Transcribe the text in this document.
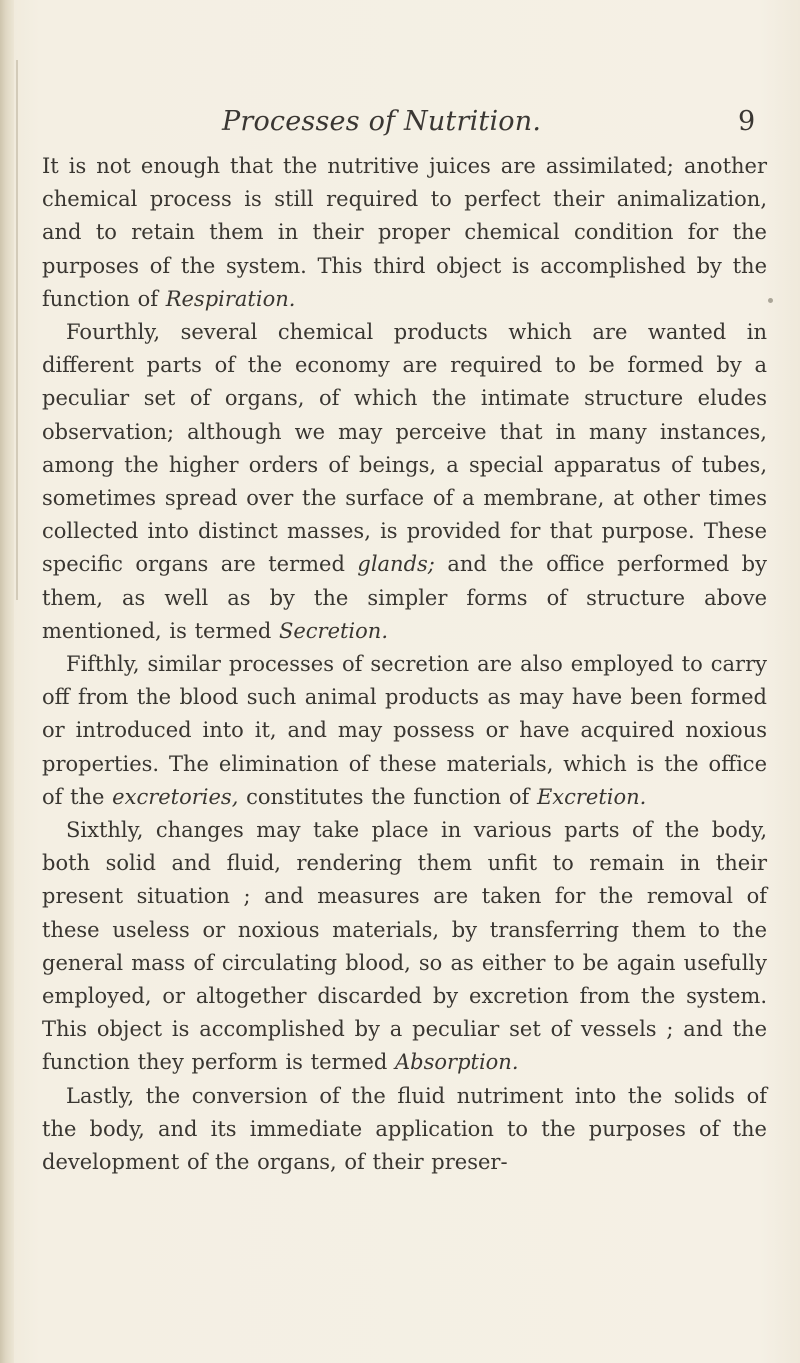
Processes of Nutrition.	9

It is not enough that the nutritive juices are assimilated; another chemical process is still required to perfect their animalization, and to retain them in their proper chemical condition for the purposes of the system. This third object is accomplished by the function of Respiration.

Fourthly, several chemical products which are wanted in different parts of the economy are required to be formed by a peculiar set of organs, of which the intimate structure eludes observation; although we may perceive that in many instances, among the higher orders of beings, a special apparatus of tubes, sometimes spread over the surface of a membrane, at other times collected into distinct masses, is provided for that purpose. These specific organs are termed glands; and the office performed by them, as well as by the simpler forms of structure above mentioned, is termed Secretion.

Fifthly, similar processes of secretion are also employed to carry off from the blood such animal products as may have been formed or introduced into it, and may possess or have acquired noxious properties. The elimination of these materials, which is the office of the excretories, constitutes the function of Excretion.

Sixthly, changes may take place in various parts of the body, both solid and fluid, rendering them unfit to remain in their present situation ; and measures are taken for the removal of these useless or noxious materials, by transferring them to the general mass of circulating blood, so as either to be again usefully employed, or altogether discarded by excretion from the system. This object is accomplished by a peculiar set of vessels ; and the function they perform is termed Absorption.

Lastly, the conversion of the fluid nutriment into the solids of the body, and its immediate application to the purposes of the development of the organs, of their preser-
